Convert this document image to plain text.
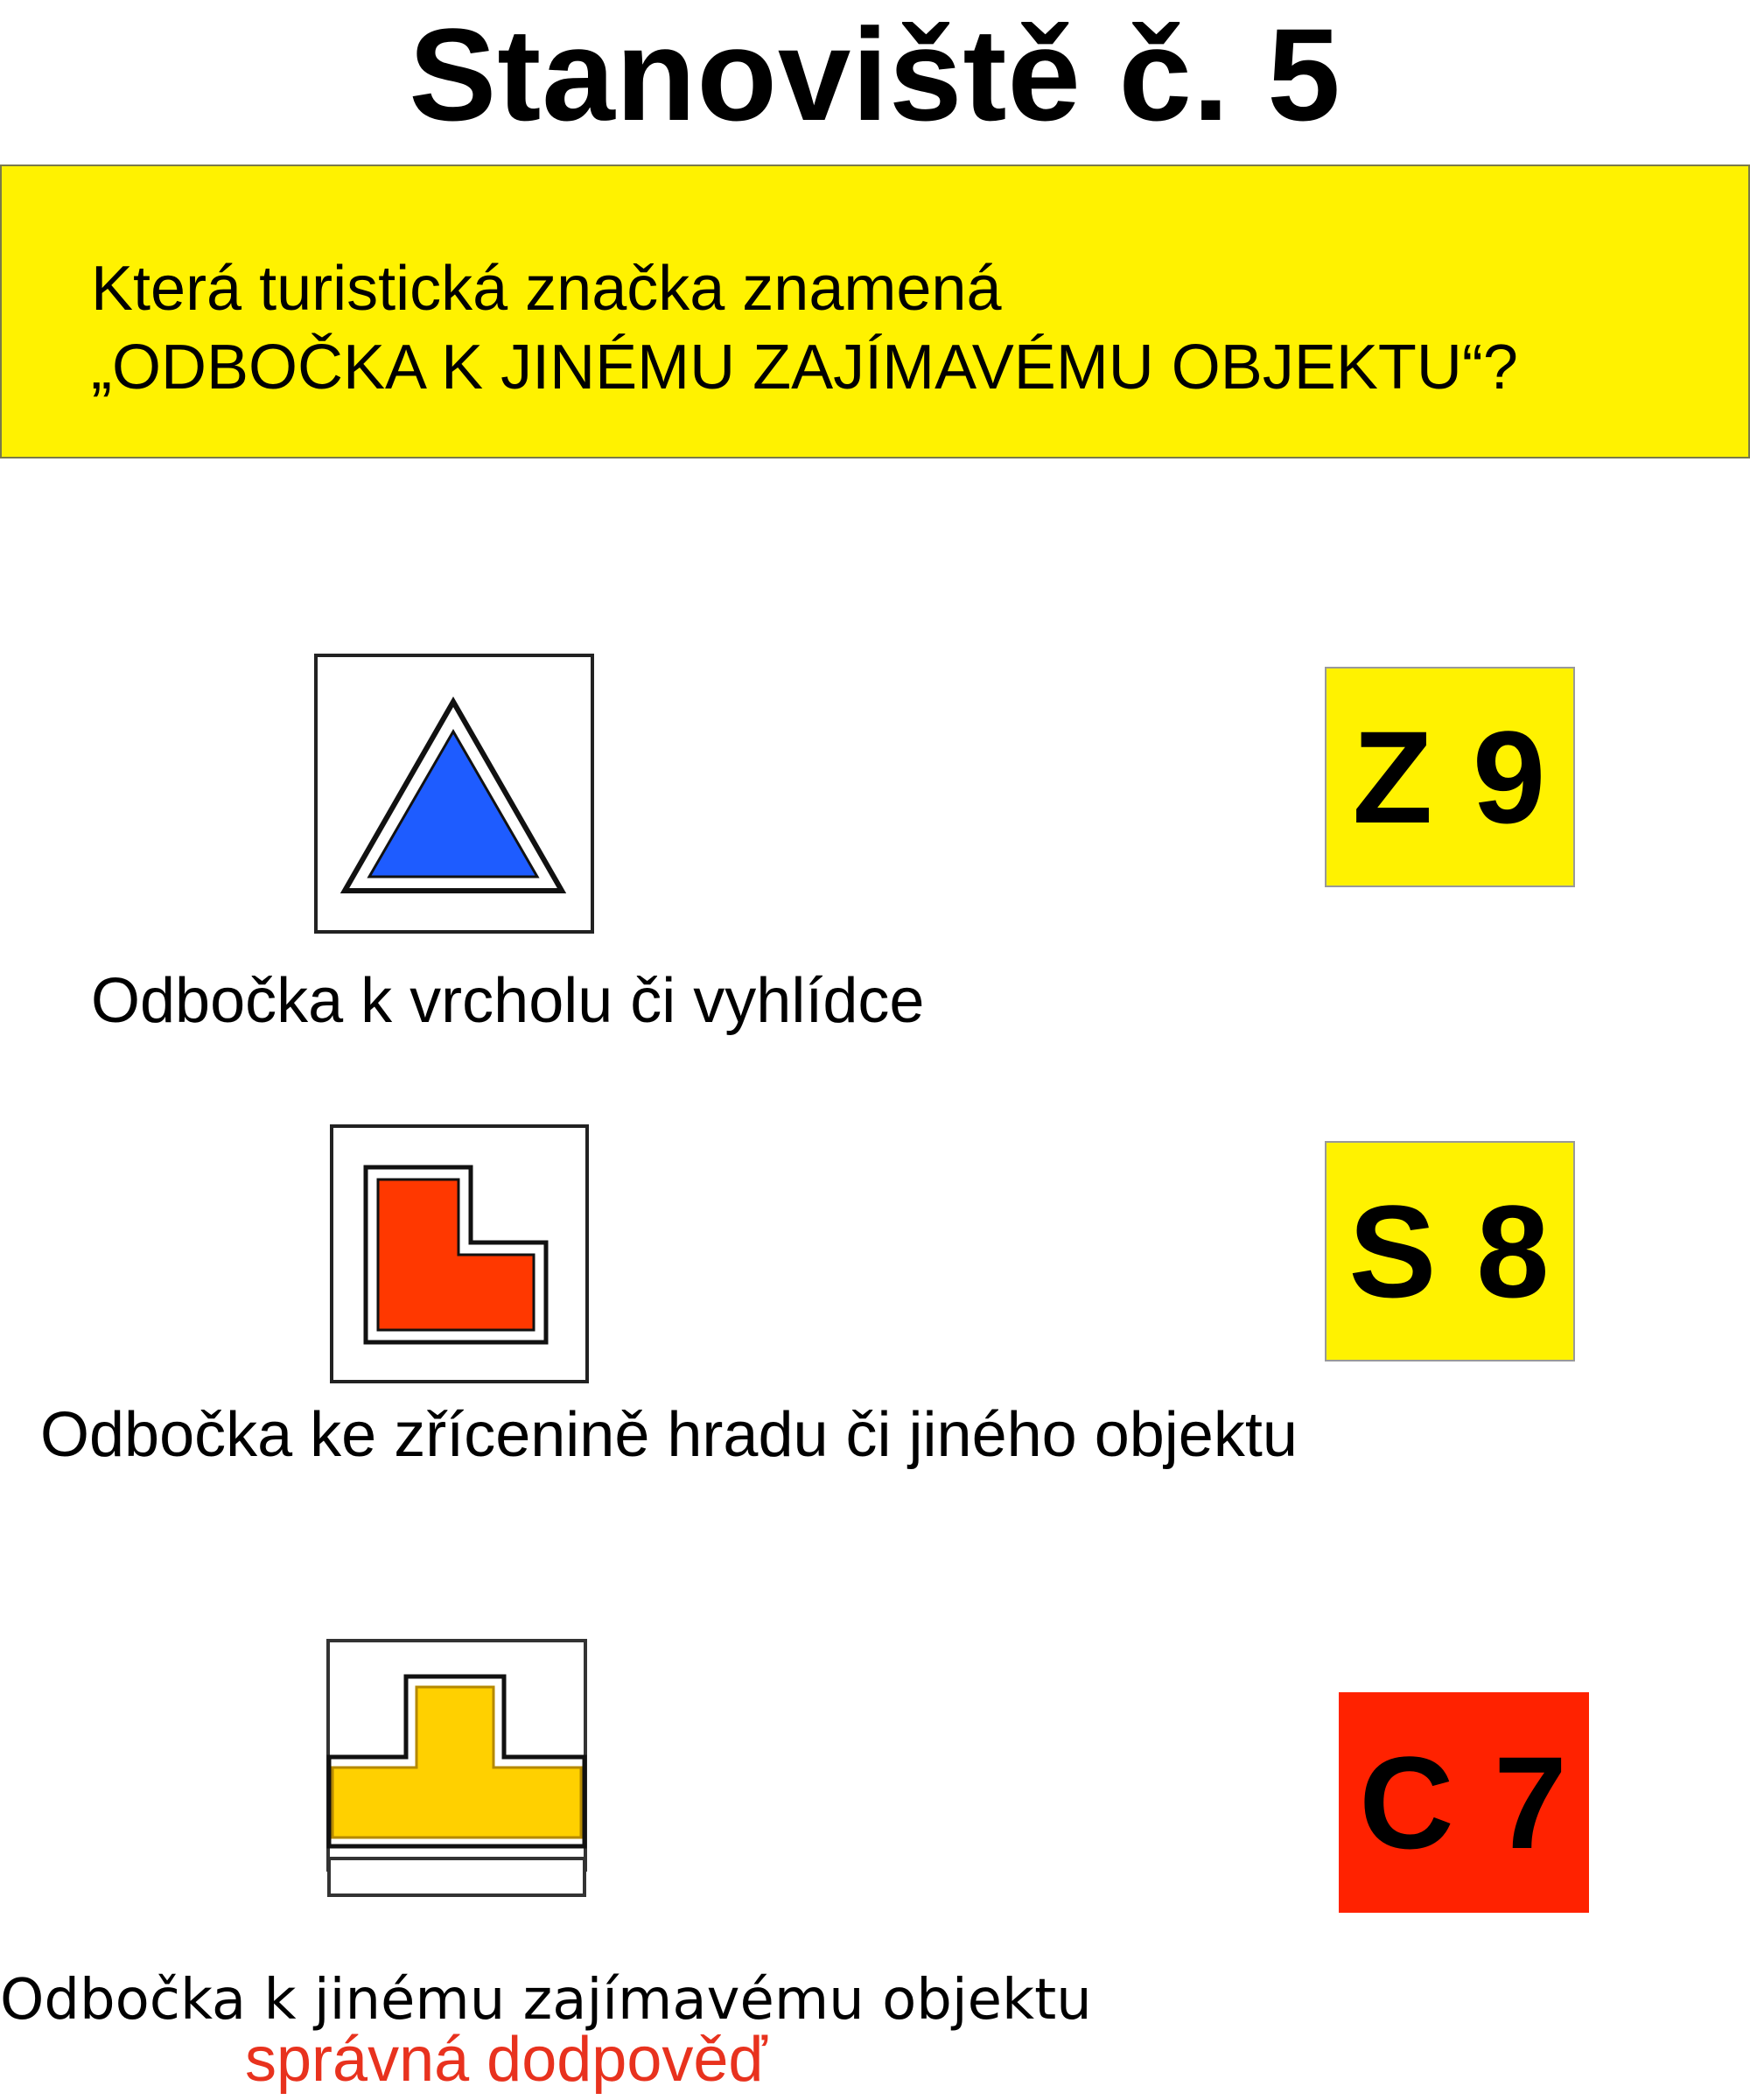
Stanoviště č. 5
Která turistická značka znamená
„ODBOČKA K JINÉMU ZAJÍMAVÉMU OBJEKTU“?
Odbočka k vrcholu či vyhlídce
Z 9
Odbočka ke zřícenině hradu či jiného objektu
S 8
Odbočka k jinému zajímavému objektu
správná dodpověď
C 7
